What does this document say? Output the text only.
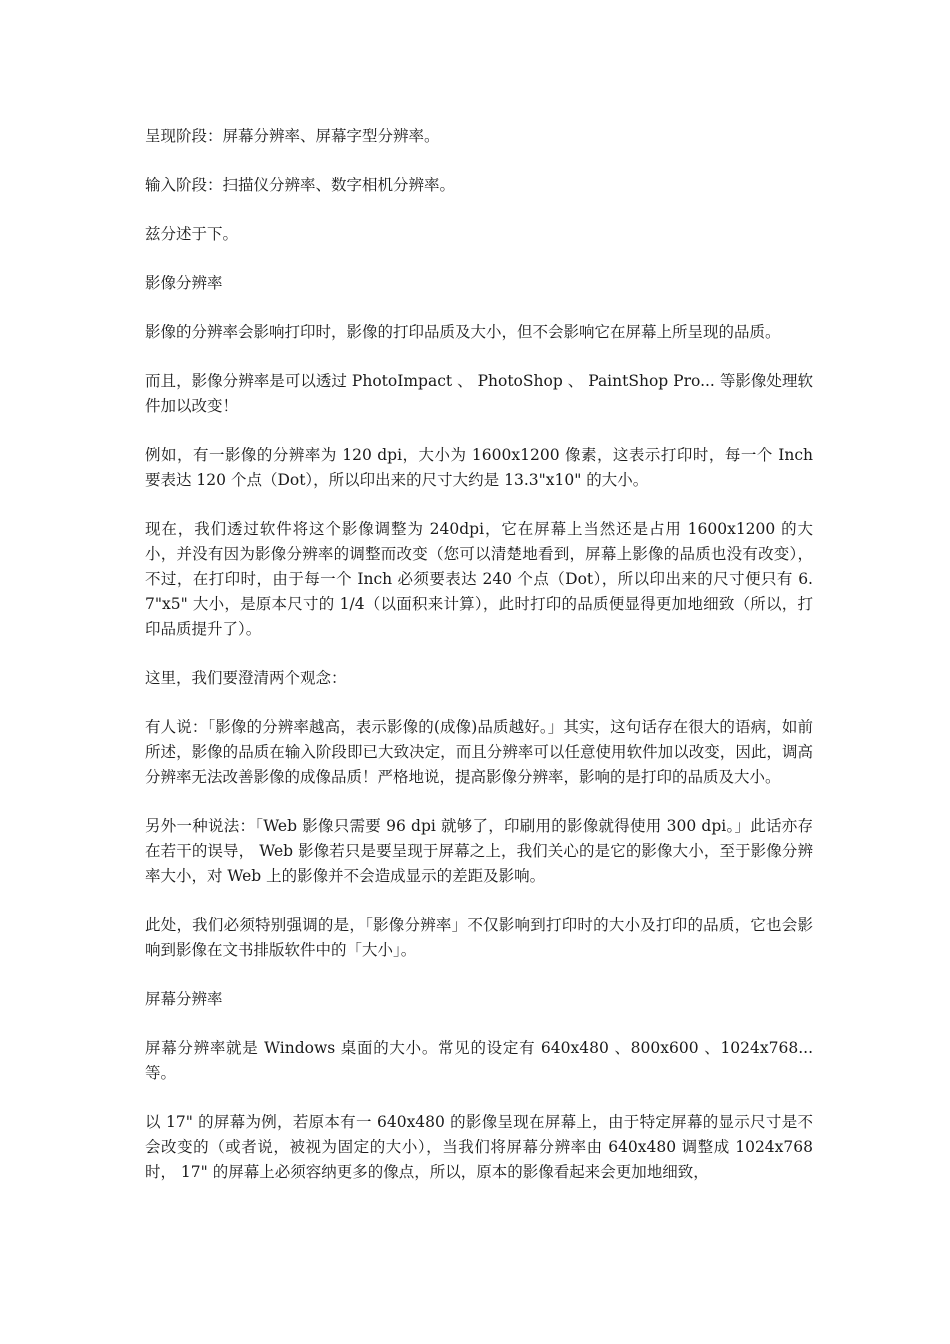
呈现阶段：屏幕分辨率、屏幕字型分辨率。

输入阶段：扫描仪分辨率、数字相机分辨率。

兹分述于下。

影像分辨率

影像的分辨率会影响打印时，影像的打印品质及大小，但不会影响它在屏幕上所呈现的品质。

而且，影像分辨率是可以透过 PhotoImpact 、 PhotoShop 、 PaintShop Pro... 等影像处理软件加以改变！

例如，有一影像的分辨率为 120 dpi，大小为 1600x1200 像素，这表示打印时，每一个 Inch 要表达 120 个点（Dot），所以印出来的尺寸大约是 13.3"x10" 的大小。

现在，我们透过软件将这个影像调整为 240dpi，它在屏幕上当然还是占用 1600x1200 的大小，并没有因为影像分辨率的调整而改变（您可以清楚地看到，屏幕上影像的品质也没有改变），不过，在打印时，由于每一个 Inch 必须要表达 240 个点（Dot），所以印出来的尺寸便只有 6.7"x5" 大小，是原本尺寸的 1/4（以面积来计算），此时打印的品质便显得更加地细致（所以，打印品质提升了）。

这里，我们要澄清两个观念：

有人说：「影像的分辨率越高，表示影像的(成像)品质越好。」其实，这句话存在很大的语病，如前所述，影像的品质在输入阶段即已大致决定，而且分辨率可以任意使用软件加以改变，因此，调高分辨率无法改善影像的成像品质！严格地说，提高影像分辨率，影响的是打印的品质及大小。

另外一种说法：「Web 影像只需要 96 dpi 就够了，印刷用的影像就得使用 300 dpi。」此话亦存在若干的误导， Web 影像若只是要呈现于屏幕之上，我们关心的是它的影像大小，至于影像分辨率大小，对 Web 上的影像并不会造成显示的差距及影响。

此处，我们必须特别强调的是，「影像分辨率」不仅影响到打印时的大小及打印的品质，它也会影响到影像在文书排版软件中的「大小」。

屏幕分辨率

屏幕分辨率就是 Windows 桌面的大小。常见的设定有 640x480 、800x600 、1024x768...等。

以 17" 的屏幕为例，若原本有一 640x480 的影像呈现在屏幕上，由于特定屏幕的显示尺寸是不会改变的（或者说，被视为固定的大小），当我们将屏幕分辨率由 640x480 调整成 1024x768 时， 17" 的屏幕上必须容纳更多的像点，所以，原本的影像看起来会更加地细致，
